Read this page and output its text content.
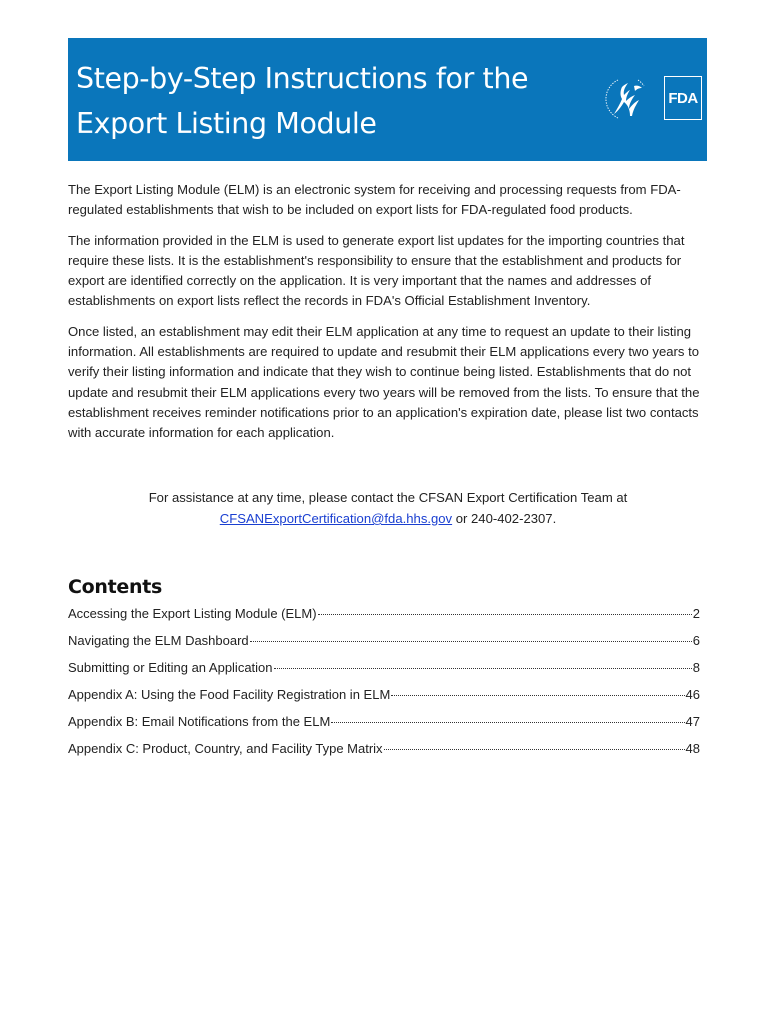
Step-by-Step Instructions for the
Export Listing Module
FDA

The Export Listing Module (ELM) is an electronic system for receiving and processing requests from FDA-regulated establishments that wish to be included on export lists for FDA-regulated food products.

The information provided in the ELM is used to generate export list updates for the importing countries that require these lists. It is the establishment's responsibility to ensure that the establishment and products for export are identified correctly on the application. It is very important that the names and addresses of establishments on export lists reflect the records in FDA's Official Establishment Inventory.

Once listed, an establishment may edit their ELM application at any time to request an update to their listing information. All establishments are required to update and resubmit their ELM applications every two years to verify their listing information and indicate that they wish to continue being listed. Establishments that do not update and resubmit their ELM applications every two years will be removed from the lists. To ensure that the establishment receives reminder notifications prior to an application's expiration date, please list two contacts with accurate information for each application.

For assistance at any time, please contact the CFSAN Export Certification Team at

CFSANExportCertification@fda.hhs.gov or 240-402-2307.

Contents
Accessing the Export Listing Module (ELM)	2
Navigating the ELM Dashboard	6
Submitting or Editing an Application	8
Appendix A: Using the Food Facility Registration in ELM	46
Appendix B: Email Notifications from the ELM	47
Appendix C: Product, Country, and Facility Type Matrix	48
